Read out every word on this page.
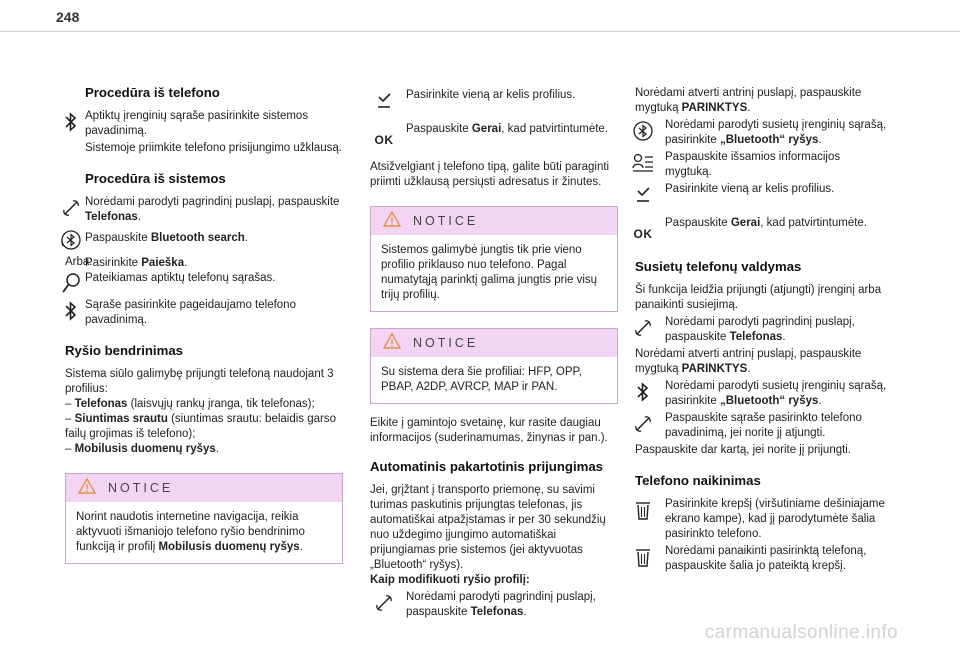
248
Procedūra iš telefono
Aptiktų įrenginių sąraše pasirinkite sistemos pavadinimą.

Sistemoje priimkite telefono prisijungimo užklausą.

Procedūra iš sistemos
Norėdami parodyti pagrindinį puslapį, paspauskite Telefonas.
Paspauskite Bluetooth search.

Arba:

Pasirinkite Paieška.
Pateikiamas aptiktų telefonų sąrašas.
Sąraše pasirinkite pageidaujamo telefono pavadinimą.
Ryšio bendrinimas

Sistema siūlo galimybę prijungti telefoną naudojant 3 profilius:

– Telefonas (laisvųjų rankų įranga, tik telefonas);

– Siuntimas srautu (siuntimas srautu: belaidis garso failų grojimas iš telefono);

– Mobilusis duomenų ryšys.

NOTICE
Norint naudotis internetine navigacija, reikia aktyvuoti išmaniojo telefono ryšio bendrinimo funkciją ir profilį Mobilusis duomenų ryšys.
Pasirinkite vieną ar kelis profilius.
OK
Paspauskite Gerai, kad patvirtintumėte.

Atsižvelgiant į telefono tipą, galite būti paraginti priimti užklausą persiųsti adresatus ir žinutes.

NOTICE
Sistemos galimybė jungtis tik prie vieno profilio priklauso nuo telefono. Pagal numatytąją parinktį galima jungtis prie visų trijų profilių.
NOTICE
Su sistema dera šie profiliai: HFP, OPP, PBAP, A2DP, AVRCP, MAP ir PAN.

Eikite į gamintojo svetainę, kur rasite daugiau informacijos (suderinamumas, žinynas ir pan.).

Automatinis pakartotinis prijungimas

Jei, grįžtant į transporto priemonę, su savimi turimas paskutinis prijungtas telefonas, jis automatiškai atpažįstamas ir per 30 sekundžių nuo uždegimo įjungimo automatiškai prijungiamas prie sistemos (jei aktyvuotas „Bluetooth“ ryšys).

Kaip modifikuoti ryšio profilį:

Norėdami parodyti pagrindinį puslapį, paspauskite Telefonas.

Norėdami atverti antrinį puslapį, paspauskite mygtuką PARINKTYS.

Norėdami parodyti susietų įrenginių sąrašą, pasirinkite „Bluetooth“ ryšys.
Paspauskite išsamios informacijos mygtuką.
Pasirinkite vieną ar kelis profilius.
OK
Paspauskite Gerai, kad patvirtintumėte.
Susietų telefonų valdymas

Ši funkcija leidžia prijungti (atjungti) įrenginį arba panaikinti susiejimą.

Norėdami parodyti pagrindinį puslapį, paspauskite Telefonas.

Norėdami atverti antrinį puslapį, paspauskite mygtuką PARINKTYS.

Norėdami parodyti susietų įrenginių sąrašą, pasirinkite „Bluetooth“ ryšys.
Paspauskite sąraše pasirinkto telefono pavadinimą, jei norite jį atjungti.

Paspauskite dar kartą, jei norite jį prijungti.

Telefono naikinimas
Pasirinkite krepšį (viršutiniame dešiniajame ekrano kampe), kad jį parodytumėte šalia pasirinkto telefono.
Norėdami panaikinti pasirinktą telefoną, paspauskite šalia jo pateiktą krepšį.
carmanualsonline.info
